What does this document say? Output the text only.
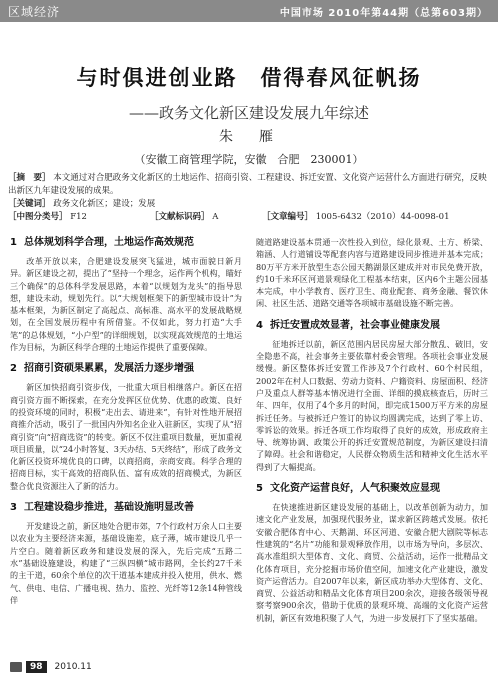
区域经济	中国市场 2010年第44期（总第603期）
与时俱进创业路　借得春风征帆扬
——政务文化新区建设发展九年综述
朱　雁
（安徽工商管理学院，安徽　合肥　230001）
［摘　要］ 本文通过对合肥政务文化新区的土地运作、招商引资、工程建设、拆迁安置、文化资产运营什么方面进行研究，反映出新区九年建设发展的成果。
［关键词］ 政务文化新区；建设；发展
［中图分类号］ F12	［文献标识码］ A	［文章编号］ 1005-6432（2010）44-0098-01
1 总体规划科学合理，土地运作高效规范

改革开放以来，合肥建设发展突飞猛进，城市面貌日新月异。新区建设之初，提出了“坚持一个理念，运作两个机构，瞄好三个确保”的总体科学发展思路，本着“以规划为龙头”的指导思想，建设未动，规划先行。以“大规划框架下的新型城市设计”为基本框架，为新区制定了高起点、高标准、高水平的发展战略规划，在全国发展历程中有所借鉴。不仅如此，努力打造“大手笔”的总体规划，“小户型”的详细规划，以实现高效规范的土地运作为目标，为新区科学合理的土地运作提供了重要保障。

2 招商引资硕果累累，发展活力逐步增强

新区加快招商引资步伐，一批重大项目相继落户。新区在招商引资方面不断探索，在充分发挥区位优势、优惠的政策、良好的投资环境的同时，积极“走出去、请进来”，有针对性地开展招商推介活动，吸引了一批国内外知名企业入驻新区，实现了从“招商引资”向“招商选资”的转变。新区不仅注重项目数量，更加重视项目质量，以“24小时答复、3天办结、5天终结”，形成了政务文化新区投资环境优良的口碑，以商招商，亲商安商。科学合理的招商目标，实干高效的招商队伍、富有成效的招商模式，为新区整合优良资源注入了新的活力。

3 工程建设稳步推进，基础设施明显改善

开发建设之前，新区地处合肥市郊，7个行政村万余人口主要以农业为主要经济来源，基础设施差，底子薄，城市建设几乎一片空白。随着新区政务和建设发展的深入，先后完成“五路二水”基础设施建设，构建了“三纵四横”城市路网，全长约27千米的主干道，60余个单位的次干道基本建成并投入使用，供水、燃气、供电、电信、广播电视、热力、监控、光纤等12条14种管线伴

随道路建设基本贯通一次性投入到位，绿化景观、土方、桥梁、箱涵、人行道铺设等配套内容与道路建设同步推进并基本完成；80万平方米开放型生态公园天鹅湖景区建成并对市民免费开放，约10千米环区河道景观绿化工程基本结束，区内6个主题公园基本完成，中小学教育、医疗卫生、商业配套、商务金融、餐饮休闲、社区生活、道路交通等各项城市基础设施不断完善。

4 拆迁安置成效显著，社会事业健康发展

征地拆迁以前，新区范围内居民房屋大部分散乱、破旧，安全隐患不高，社会事务主要依靠村委会管理。各项社会事业发展缓慢。新区整体拆迁安置工作涉及7个行政村、60个村民组，2002年在村人口数据、劳动力资料、户籍资料、房屋面积、经济户及重点人群等基本情况进行全面、详细的摸底核查后，历时三年、四年，仅用了4个多月的时间，即完成1500万平方米的房屋拆迁任务。与被拆迁户签订的协议均圆满完成，达到了零上访、零诉讼的效果。拆迁各项工作均取得了良好的成效，形成政府主导、统筹协调、政策公开的拆迁安置规范制度，为新区建设扫清了障碍。社会和谐稳定，人民群众物质生活和精神文化生活水平得到了大幅提高。

5 文化资产运营良好，人气积聚效应显现

在快速推进新区建设发展的基础上，以改革创新为动力，加速文化产业发展，加强现代服务业，谋求新区跨越式发展。依托安徽合肥体育中心、天鹅湖、环区河道、安徽合肥大剧院等标志性建筑的“名片”功能和景观释放作用，以市场为导向，多层次、高水准组织大型体育、文化、商贸、公益活动，运作一批精品文化体育项目，充分挖掘市场价值空间，加速文化产业建设，激发资产运营活力。自2007年以来，新区成功举办大型体育、文化、商贸、公益活动和精品文化体育项目200余次，迎接各级领导视察考察900余次，借助于优质的景观环境、高端的文化资产运营机制，新区有效地积聚了人气，为进一步发展打下了坚实基础。

98	2010.11
